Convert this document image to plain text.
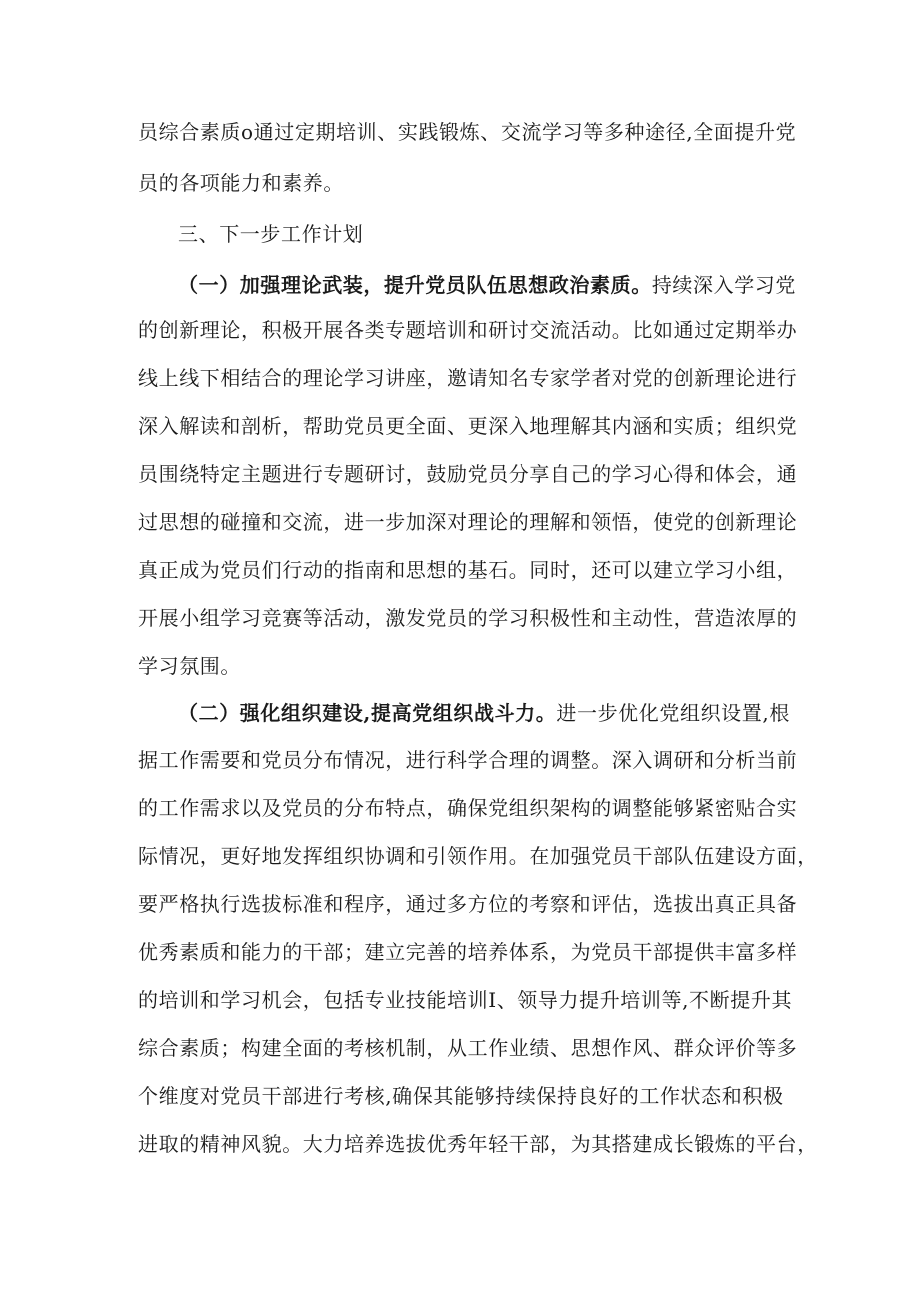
员综合素质o通过定期培训、实践锻炼、交流学习等多种途径,全面提升党
员的各项能力和素养。
三、下一步工作计划
（一）加强理论武装，提升党员队伍思想政治素质。持续深入学习党
的创新理论，积极开展各类专题培训和研讨交流活动。比如通过定期举办
线上线下相结合的理论学习讲座，邀请知名专家学者对党的创新理论进行
深入解读和剖析，帮助党员更全面、更深入地理解其内涵和实质；组织党
员围绕特定主题进行专题研讨，鼓励党员分享自己的学习心得和体会，通
过思想的碰撞和交流，进一步加深对理论的理解和领悟，使党的创新理论
真正成为党员们行动的指南和思想的基石。同时，还可以建立学习小组，
开展小组学习竞赛等活动，激发党员的学习积极性和主动性，营造浓厚的
学习氛围。
（二）强化组织建设,提高党组织战斗力。进一步优化党组织设置,根
据工作需要和党员分布情况，进行科学合理的调整。深入调研和分析当前
的工作需求以及党员的分布特点，确保党组织架构的调整能够紧密贴合实
际情况，更好地发挥组织协调和引领作用。在加强党员干部队伍建设方面，
要严格执行选拔标准和程序，通过多方位的考察和评估，选拔出真正具备
优秀素质和能力的干部；建立完善的培养体系，为党员干部提供丰富多样
的培训和学习机会，包括专业技能培训I、领导力提升培训等,不断提升其
综合素质；构建全面的考核机制，从工作业绩、思想作风、群众评价等多
个维度对党员干部进行考核,确保其能够持续保持良好的工作状态和积极
进取的精神风貌。大力培养选拔优秀年轻干部，为其搭建成长锻炼的平台，
